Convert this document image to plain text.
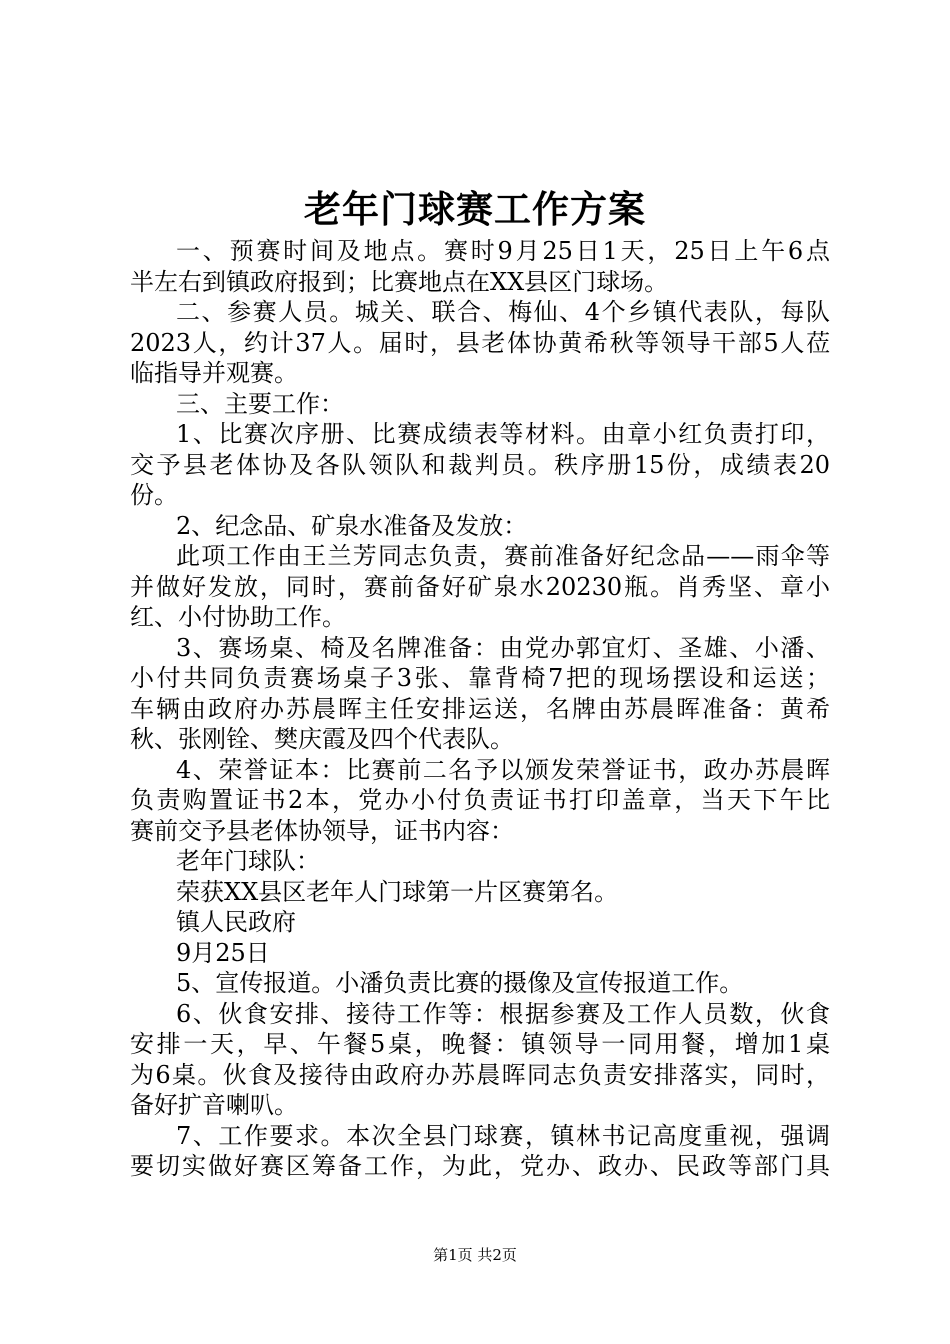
老年门球赛工作方案
一、预赛时间及地点。赛时9月25日1天，25日上午6点
半左右到镇政府报到；比赛地点在XX县区门球场。
二、参赛人员。城关、联合、梅仙、4个乡镇代表队，每队
2023人，约计37人。届时，县老体协黄希秋等领导干部5人莅
临指导并观赛。
三、主要工作：
1、比赛次序册、比赛成绩表等材料。由章小红负责打印，
交予县老体协及各队领队和裁判员。秩序册15份，成绩表20
份。
2、纪念品、矿泉水准备及发放：
此项工作由王兰芳同志负责，赛前准备好纪念品——雨伞等
并做好发放，同时，赛前备好矿泉水20230瓶。肖秀坚、章小
红、小付协助工作。
3、赛场桌、椅及名牌准备：由党办郭宜灯、圣雄、小潘、
小付共同负责赛场桌子3张、靠背椅7把的现场摆设和运送；
车辆由政府办苏晨晖主任安排运送，名牌由苏晨晖准备：黄希
秋、张刚铨、樊庆霞及四个代表队。
4、荣誉证本：比赛前二名予以颁发荣誉证书，政办苏晨晖
负责购置证书2本，党办小付负责证书打印盖章，当天下午比
赛前交予县老体协领导，证书内容：
老年门球队：
荣获XX县区老年人门球第一片区赛第名。
镇人民政府
9月25日
5、宣传报道。小潘负责比赛的摄像及宣传报道工作。
6、伙食安排、接待工作等：根据参赛及工作人员数，伙食
安排一天，早、午餐5桌，晚餐：镇领导一同用餐，增加1桌
为6桌。伙食及接待由政府办苏晨晖同志负责安排落实，同时，
备好扩音喇叭。
7、工作要求。本次全县门球赛，镇林书记高度重视，强调
要切实做好赛区筹备工作，为此，党办、政办、民政等部门具
第1页 共2页
